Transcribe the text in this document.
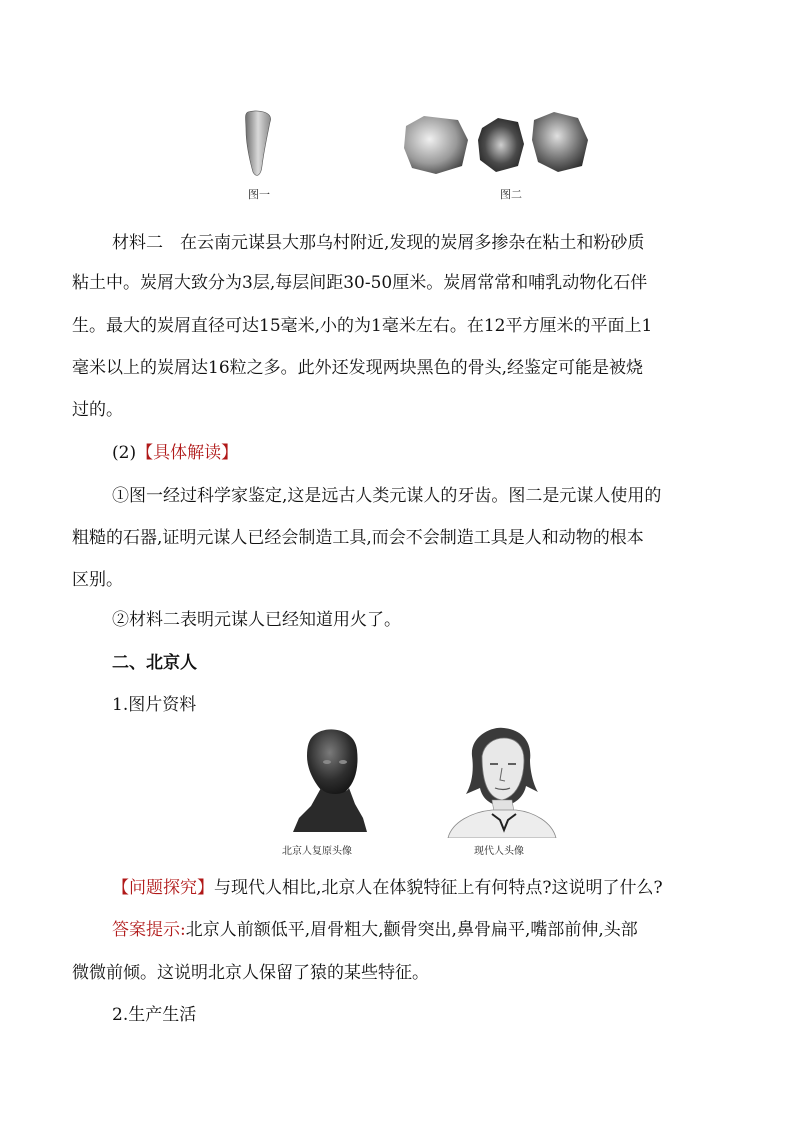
图一	图二
材料二　 在云南元谋县大那乌村附近,发现的炭屑多掺杂在粘土和粉砂质
粘土中。炭屑大致分为3层,每层间距30-50厘米。炭屑常常和哺乳动物化石伴
生。最大的炭屑直径可达15毫米,小的为1毫米左右。在12平方厘米的平面上1
毫米以上的炭屑达16粒之多。此外还发现两块黑色的骨头,经鉴定可能是被烧
过的。
(2)【具体解读】
①图一经过科学家鉴定,这是远古人类元谋人的牙齿。图二是元谋人使用的
粗糙的石器,证明元谋人已经会制造工具,而会不会制造工具是人和动物的根本
区别。
②材料二表明元谋人已经知道用火了。
二、北京人
1.图片资料
北京人复原头像	现代人头像
【问题探究】与现代人相比,北京人在体貌特征上有何特点?这说明了什么?
答案提示:北京人前额低平,眉骨粗大,颧骨突出,鼻骨扁平,嘴部前伸,头部
微微前倾。这说明北京人保留了猿的某些特征。
2.生产生活
